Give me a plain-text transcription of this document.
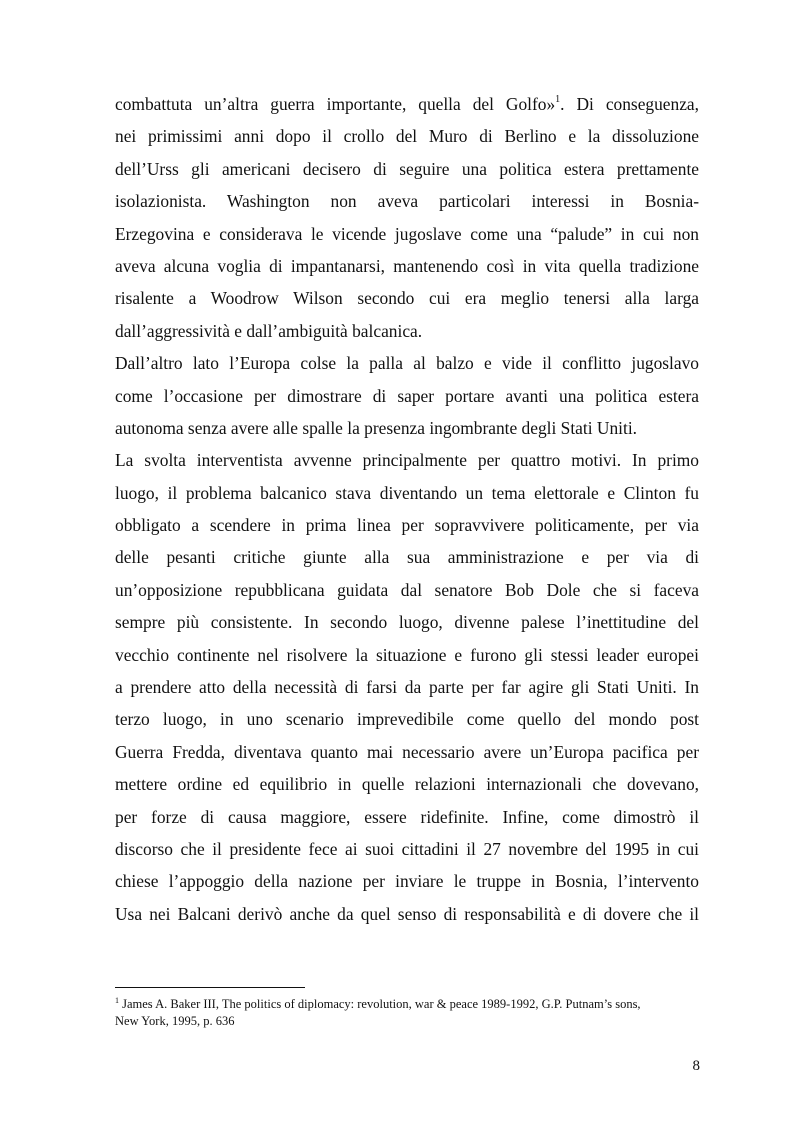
combattuta un’altra guerra importante, quella del Golfo»$^1$. Di conseguenza,
nei primissimi anni dopo il crollo del Muro di Berlino e la dissoluzione
dell’Urss gli americani decisero di seguire una politica estera prettamente
isolazionista. Washington non aveva particolari interessi in Bosnia-
Erzegovina e considerava le vicende jugoslave come una “palude” in cui non
aveva alcuna voglia di impantanarsi, mantenendo così in vita quella tradizione
risalente a Woodrow Wilson secondo cui era meglio tenersi alla larga
dall’aggressività e dall’ambiguità balcanica.
Dall’altro lato l’Europa colse la palla al balzo e vide il conflitto jugoslavo
come l’occasione per dimostrare di saper portare avanti una politica estera
autonoma senza avere alle spalle la presenza ingombrante degli Stati Uniti.
La svolta interventista avvenne principalmente per quattro motivi. In primo
luogo, il problema balcanico stava diventando un tema elettorale e Clinton fu
obbligato a scendere in prima linea per sopravvivere politicamente, per via
delle pesanti critiche giunte alla sua amministrazione e per via di
un’opposizione repubblicana guidata dal senatore Bob Dole che si faceva
sempre più consistente. In secondo luogo, divenne palese l’inettitudine del
vecchio continente nel risolvere la situazione e furono gli stessi leader europei
a prendere atto della necessità di farsi da parte per far agire gli Stati Uniti. In
terzo luogo, in uno scenario imprevedibile come quello del mondo post
Guerra Fredda, diventava quanto mai necessario avere un’Europa pacifica per
mettere ordine ed equilibrio in quelle relazioni internazionali che dovevano,
per forze di causa maggiore, essere ridefinite. Infine, come dimostrò il
discorso che il presidente fece ai suoi cittadini il 27 novembre del 1995 in cui
chiese l’appoggio della nazione per inviare le truppe in Bosnia, l’intervento
Usa nei Balcani derivò anche da quel senso di responsabilità e di dovere che il
$^1$ James A. Baker III, The politics of diplomacy: revolution, war & peace 1989-1992, G.P. Putnam’s sons,
New York, 1995, p. 636
8
